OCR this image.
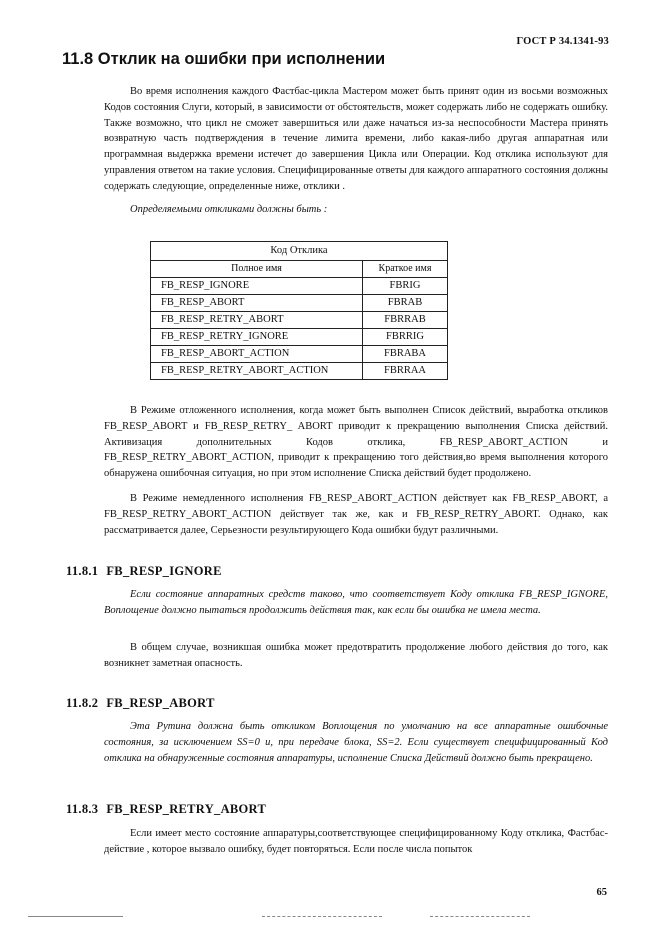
ГОСТ Р 34.1341-93
11.8 Отклик на ошибки при исполнении

Во время исполнения каждого Фастбас-цикла Мастером может быть принят один из восьми возможных Кодов состояния Слуги, который, в зависимости от обстоятельств, может содержать либо не содержать ошибку. Также возможно, что цикл не сможет завершиться или даже начаться из-за неспособности Мастера принять возвратную часть подтверждения в течение лимита времени, либо какая-либо другая аппаратная или программная выдержка времени истечет до завершения Цикла или Операции. Код отклика используют для управления ответом на такие условия. Специфицированные ответы для каждого аппаратного состояния должны содержать следующие, определенные ниже, отклики .

Определяемыми откликами должны быть :

Код Отклика	
Полное имя	Краткое имя
FB_RESP_IGNORE	FBRIG
FB_RESP_ABORT	FBRAB
FB_RESP_RETRY_ABORT	FBRRAB
FB_RESP_RETRY_IGNORE	FBRRIG
FB_RESP_ABORT_ACTION	FBRABA
FB_RESP_RETRY_ABORT_ACTION	FBRRAA

В Режиме отложенного исполнения, когда может быть выполнен Список действий, выработка откликов FB_RESP_ABORT и FB_RESP_RETRY_ ABORT приводит к прекращению выполнения Списка действий. Активизация дополнительных Кодов отклика, FB_RESP_ABORT_ACTION и FB_RESP_RETRY_ABORT_ACTION, приводит к прекращению того действия,во время выполнения которого обнаружена ошибочная ситуация, но при этом исполнение Списка действий будет продолжено.

В Режиме немедленного исполнения FB_RESP_ABORT_ACTION действует как FB_RESP_ABORT, а FB_RESP_RETRY_ABORT_ACTION действует так же, как и FB_RESP_RETRY_ABORT. Однако, как рассматривается далее, Серьезности результирующего Кода ошибки будут различными.

11.8.1 FB_RESP_IGNORE

Если состояние аппаратных средств таково, что соответствует Коду отклика FB_RESP_IGNORE, Воплощение должно пытаться продолжить действия так, как если бы ошибка не имела места.

В общем случае, возникшая ошибка может предотвратить продолжение любого действия до того, как возникнет заметная опасность.

11.8.2 FB_RESP_ABORT

Эта Рутина должна быть откликом Воплощения по умолчанию на все аппаратные ошибочные состояния, за исключением SS=0 и, при передаче блока, SS=2. Если существует специфицированный Код отклика на обнаруженные состояния аппаратуры, исполнение Списка Действий должно быть прекращено.

11.8.3 FB_RESP_RETRY_ABORT

Если имеет место состояние аппаратуры,соответствующее специфицированному Коду отклика, Фастбас-действие , которое вызвало ошибку, будет повторяться. Если после числа попыток

65
